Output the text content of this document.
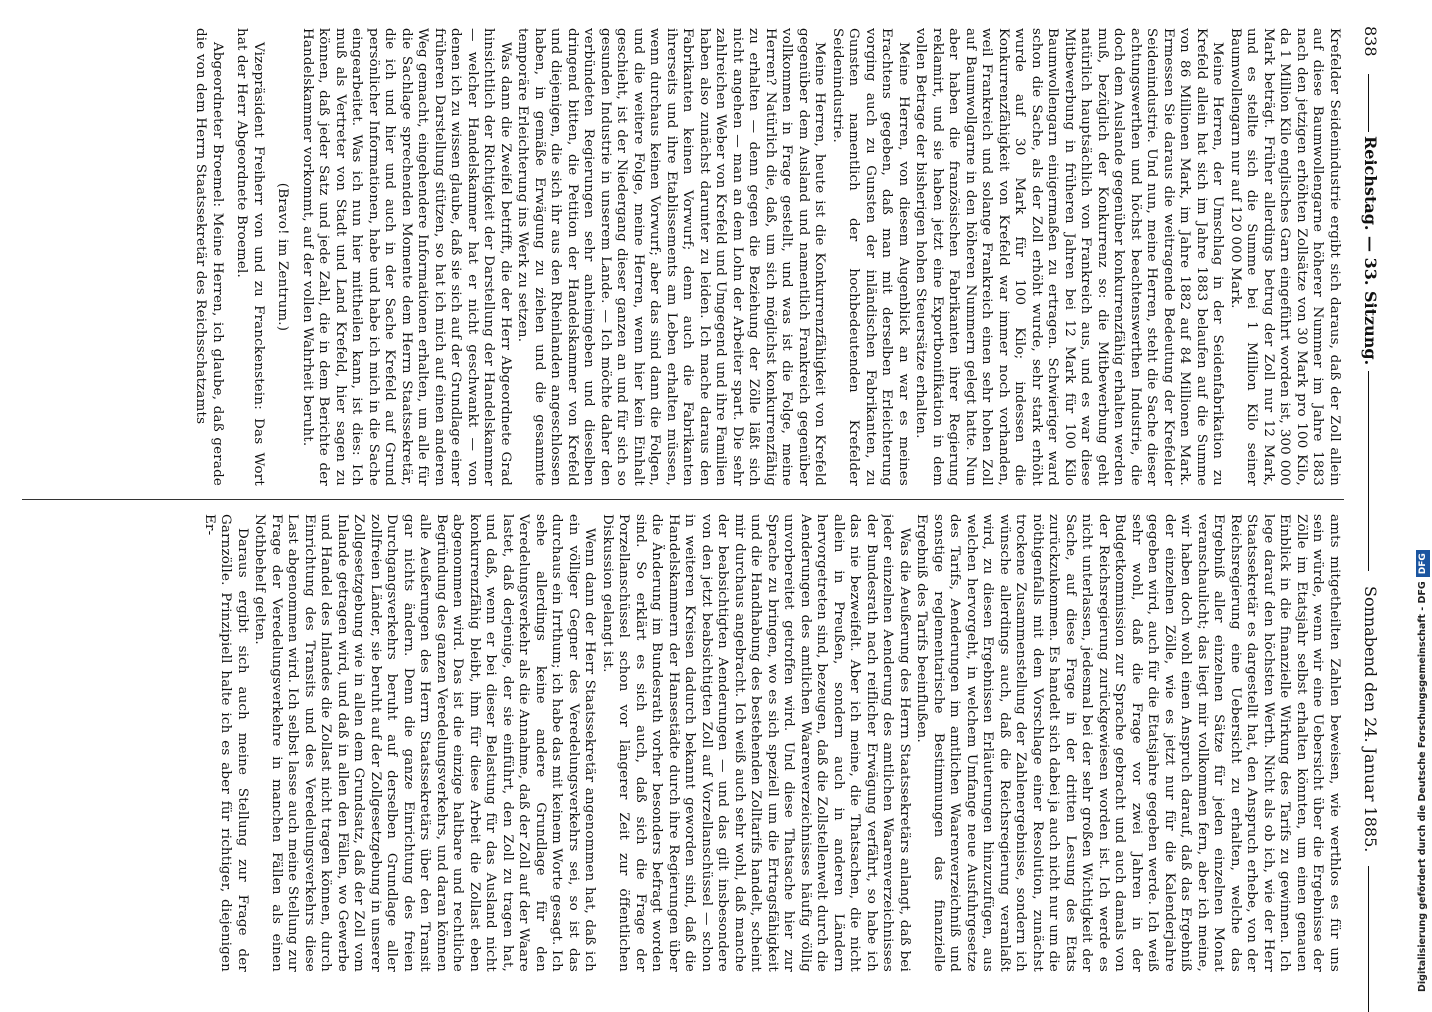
838
Reichstag. — 33. Sitzung.
Sonnabend den 24. Januar 1885.

Krefelder Seidenindustrie ergibt sich daraus, daß der Zoll allein auf diese Baumwollengarne höherer Nummer im Jahre 1883 nach den jetzigen erhöhten Zollsätze von 30 Mark pro 100 Kilo, da 1 Million Kilo englisches Garn eingeführt worden ist, 300 000 Mark beträgt. Früher allerdings betrug der Zoll nur 12 Mark, und es stellte sich die Summe bei 1 Million Kilo seiner Baumwollengarn nur auf 120 000 Mark.

Meine Herren, der Umschlag in der Seidenfabrikation zu Krefeld allein hat sich im Jahre 1883 belaufen auf die Summe von 86 Millionen Mark, im Jahre 1882 auf 84 Millionen Mark. Ermessen Sie daraus die weitragende Bedeutung der Krefelder Seidenindustrie. Und nun, meine Herren, steht die Sache dieser achtungswerthen und höchst beachtenswerthen Industrie, die doch dem Auslande gegenüber konkurrenzfähig erhalten werden muß, bezüglich der Konkurrenz so: die Mitbewerbung geht natürlich hauptsächlich von Frankreich aus, und es war diese Mitbewerbung in früheren Jahren bei 12 Mark für 100 Kilo Baumwollengarn einigermaßen zu ertragen. Schwieriger ward schon die Sache, als der Zoll erhöht wurde, sehr stark erhöht wurde auf 30 Mark für 100 Kilo; indessen die Konkurrenzfähigkeit von Krefeld war immer noch vorhanden, weil Frankreich und solange Frankreich einen sehr hohen Zoll auf Baumwollgarne in den höheren Nummern gelegt hatte. Nun aber haben die französischen Fabrikanten ihrer Regierung reklamirt, und sie haben jetzt eine Exportbonifikation in dem vollen Betrage der bisherigen hohen Steuersätze erhalten.

Meine Herren, von diesem Augenblick an war es meines Erachtens gegeben, daß man mit derselben Erleichterung vorging auch zu Gunsten der inländischen Fabrikanten, zu Gunsten namentlich der hochbedeutenden Krefelder Seidenindustrie.

Meine Herren, heute ist die Konkurrenzfähigkeit von Krefeld gegenüber dem Ausland und namentlich Frankreich gegenüber vollkommen in Frage gestellt, und was ist die Folge, meine Herren? Natürlich die, daß, um sich möglichst konkurrenzfähig zu erhalten — denn gegen die Beziehung der Zölle läßt sich nicht angehen — man an dem Lohn der Arbeiter spart. Die sehr zahlreichen Weber von Krefeld und Umgegend und ihre Familien haben also zunächst darunter zu leiden. Ich mache daraus den Fabrikanten keinen Vorwurf; denn auch die Fabrikanten ihrerseits und ihre Etablissements am Leben erhalten müssen, wenn durchaus keinen Vorwurf; aber das sind dann die Folgen, und die weitere Folge, meine Herren, wenn hier kein Einhalt geschieht, ist der Niedergang dieser ganzen an und für sich so gesunden Industrie in unserem Lande. — Ich möchte daher den verbündeten Regierungen sehr anheimgeben und dieselben dringend bitten, die Petition der Handelskammer von Krefeld und diejenigen, die sich ihr aus den Rheinlanden angeschlossen haben, in gemäße Erwägung zu ziehen und die gesammte temporäre Erleichterung ins Werk zu setzen.

Was dann die Zweifel betrifft, die der Herr Abgeordnete Grad hinsichtlich der Richtigkeit der Darstellung der Handelskammer — welcher Handelskammer hat er nicht geschwankt — von denen ich zu wissen glaube, daß sie sich auf der Grundlage einer früheren Darstellung stützen, so hat ich mich auf einen anderen Weg gemacht, eingehendere Informationen erhalten, um alle für die Sachlage sprechenden Momente dem Herrn Staatssekretär, die ich und hier und auch in der Sache Krefeld auf Grund persönlicher Informationen, habe und habe ich mich in die Sache eingearbeitet. Was ich nun hier mittheilen kann, ist dies: Ich muß als Vertreter von Stadt und Land Krefeld, hier sagen zu können, daß jeder Satz und jede Zahl, die in dem Berichte der Handelskammer vorkommt, auf der vollen Wahrheit beruht.

(Bravo! im Zentrum.)

Vizepräsident Freiherr von und zu Franckenstein: Das Wort hat der Herr Abgeordnete Broemel.

Abgeordneter Broemel: Meine Herren, ich glaube, daß gerade die von dem Herrn Staatssekretär des Reichsschatzamts

amts mitgetheilten Zahlen beweisen, wie werthlos es für uns sein würde, wenn wir eine Uebersicht über die Ergebnisse der Zölle im Etatsjahr selbst erhalten könnten, um einen genauen Einblick in die finanzielle Wirkung des Tarifs zu gewinnen. Ich lege darauf den höchsten Werth. Nicht als ob ich, wie der Herr Staatssekretär es dargestellt hat, den Anspruch erhebe, von der Reichsregierung eine Uebersicht zu erhalten, welche das Ergebniß aller einzelnen Sätze für jeden einzelnen Monat veranschaulicht; das liegt mir vollkommen fern, aber ich meine, wir haben doch wohl einen Anspruch darauf, daß das Ergebniß der einzelnen Zölle, wie es jetzt nur für die Kalenderjahre gegeben wird, auch für die Etatsjahre gegeben werde. Ich weiß sehr wohl, daß die Frage vor zwei Jahren in der Budgetkommission zur Sprache gebracht und auch damals von der Reichsregierung zurückgewiesen worden ist. Ich werde es nicht unterlassen, jedesmal bei der sehr großen Wichtigkeit der Sache, auf diese Frage in der dritten Lesung des Etats zurückzukommen. Es handelt sich dabei ja auch nicht nur um die nöthigenfalls mit dem Vorschlage einer Resolution, zunächst trockene Zusammenstellung der Zahlenergebnisse, sondern ich wünsche allerdings auch, daß die Reichsregierung veranlaßt wird, zu diesen Ergebnissen Erläuterungen hinzuzufügen, aus welchen hervorgeht, in welchem Umfange neue Ausfuhrgesetze des Tarifs, Aenderungen im amtlichen Waarenverzeichniß und sonstige reglementarische Bestimmungen das finanzielle Ergebniß des Tarifs beeinflußen.

Was die Aeußerung des Herrn Staatssekretärs anlangt, daß bei jeder einzelnen Aenderung des amtlichen Waarenverzeichnisses der Bundesrath nach reiflicher Erwägung verfährt, so habe ich das nie bezweifelt. Aber ich meine, die Thatsachen, die nicht allein in Preußen, sondern auch in anderen Ländern hervorgetreten sind, bezeugen, daß die Zollstellenwelt durch die Aenderungen des amtlichen Waarenverzeichnisses häufig völlig unvorbereitet getroffen wird. Und diese Thatsache hier zur Sprache zu bringen, wo es sich speziell um die Ertragsfähigkeit und die Handhabung des bestehenden Zolltarifs handelt, scheint mir durchaus angebracht. Ich weiß auch sehr wohl, daß manche der beabsichtigten Aenderungen — und das gilt insbesondere von den jetzt beabsichtigten Zoll auf Vorzellanschüssel — schon in weiteren Kreisen dadurch bekannt geworden sind, daß die Handelskammern der Hansestädte durch ihre Regierungen über die Änderung im Bundesrath vorher besonders befragt worden sind. So erklärt es sich auch, daß sich die Frage der Porzellanschüssel schon vor längerer Zeit zur öffentlichen Diskussion gelangt ist.

Wenn dann der Herr Staatssekretär angenommen hat, daß ich ein völliger Gegner des Veredelungsverkehrs sei, so ist das durchaus ein Irrthum; ich habe das mit keinem Worte gesagt. Ich sehe allerdings keine andere Grundlage für den Veredelungsverkehr als die Annahme, daß der Zoll auf der Waare lastet, daß derjenige, der sie einführt, den Zoll zu tragen hat, und daß, wenn er bei dieser Belastung für das Ausland nicht konkurrenzfähig bleibt, ihm für diese Arbeit die Zollast eben abgenommen wird. Das ist die einzige haltbare und rechtliche Begründung des ganzen Veredelungsverkehrs, und daran können alle Aeußerungen des Herrn Staatssekretärs über den Transit gar nichts ändern. Denn die ganze Einrichtung des freien Durchgangsverkehrs beruht auf derselben Grundlage aller zollfreien Länder, sie beruht auf der Zollgesetzgebung in unserer Zollgesetzgebung wie in allen dem Grundsatz, daß der Zoll vom Inlande getragen wird, und daß in allen den Fällen, wo Gewerbe und Handel des Inlandes die Zollast nicht tragen können, durch Einrichtung des Transits und des Veredelungsverkehrs diese Last abgenommen wird. Ich selbst lasse auch meine Stellung zur Frage der Veredelungsverkehre in manchen Fällen als einen Nothbehelf gelten.

Daraus ergibt sich auch meine Stellung zur Frage der Garnzölle. Prinzipiell halte ich es aber für richtiger, diejenigen Er-

Digitalisierung gefördert durch die Deutsche Forschungsgemeinschaft - DFGDFG
